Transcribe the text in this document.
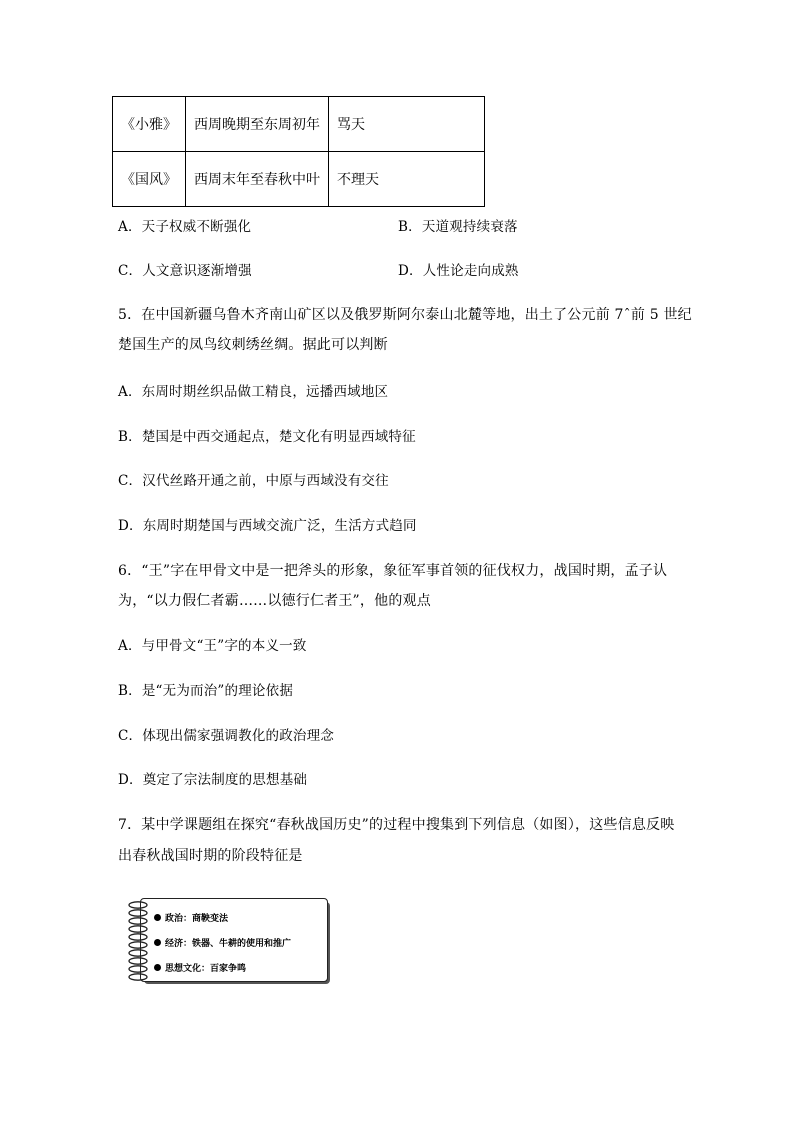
《小雅》	西周晚期至东周初年	骂天
《国风》	西周末年至春秋中叶	不理天
A．天子权威不断强化	B．天道观持续衰落
C．人文意识逐渐增强	D．人性论走向成熟
5．在中国新疆乌鲁木齐南山矿区以及俄罗斯阿尔泰山北麓等地，出土了公元前 7ˆ前 5 世纪
楚国生产的凤鸟纹刺绣丝绸。据此可以判断
A．东周时期丝织品做工精良，远播西域地区
B．楚国是中西交通起点，楚文化有明显西域特征
C．汉代丝路开通之前，中原与西域没有交往
D．东周时期楚国与西域交流广泛，生活方式趋同
6．“王”字在甲骨文中是一把斧头的形象，象征军事首领的征伐权力，战国时期，孟子认
为，“以力假仁者霸……以德行仁者王”，他的观点
A．与甲骨文“王”字的本义一致
B．是“无为而治”的理论依据
C．体现出儒家强调教化的政治理念
D．奠定了宗法制度的思想基础
7．某中学课题组在探究“春秋战国历史”的过程中搜集到下列信息（如图），这些信息反映
出春秋战国时期的阶段特征是
政治：商鞅变法
经济：铁器、牛耕的使用和推广
思想文化：百家争鸣
